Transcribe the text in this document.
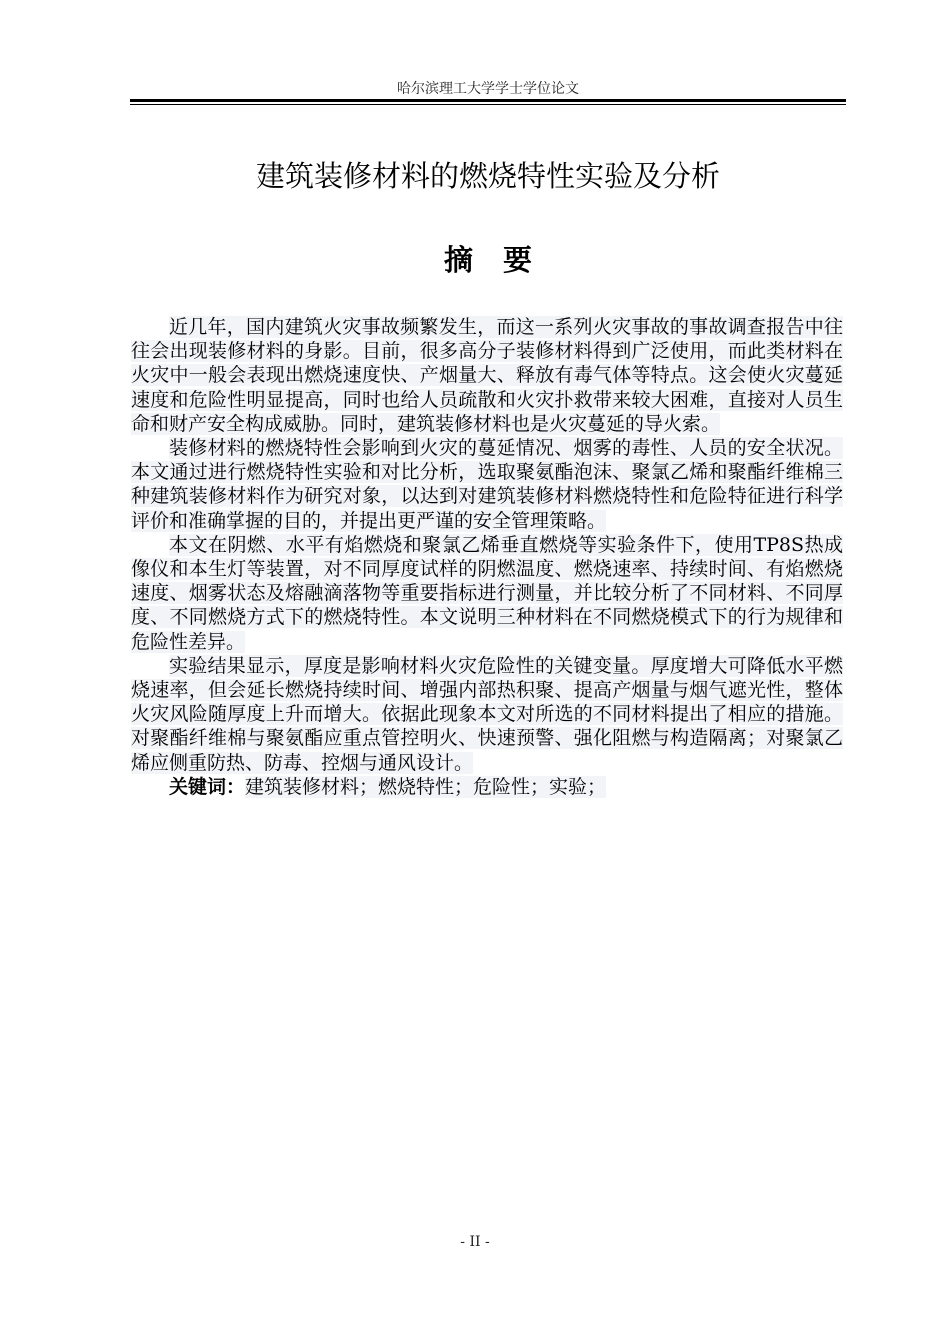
哈尔滨理工大学学士学位论文
建筑装修材料的燃烧特性实验及分析
摘要

近几年，国内建筑火灾事故频繁发生，而这一系列火灾事故的事故调查报告中往往会出现装修材料的身影。目前，很多高分子装修材料得到广泛使用，而此类材料在火灾中一般会表现出燃烧速度快、产烟量大、释放有毒气体等特点。这会使火灾蔓延速度和危险性明显提高，同时也给人员疏散和火灾扑救带来较大困难，直接对人员生命和财产安全构成威胁。同时，建筑装修材料也是火灾蔓延的导火索。

装修材料的燃烧特性会影响到火灾的蔓延情况、烟雾的毒性、人员的安全状况。本文通过进行燃烧特性实验和对比分析，选取聚氨酯泡沫、聚氯乙烯和聚酯纤维棉三种建筑装修材料作为研究对象，以达到对建筑装修材料燃烧特性和危险特征进行科学评价和准确掌握的目的，并提出更严谨的安全管理策略。

本文在阴燃、水平有焰燃烧和聚氯乙烯垂直燃烧等实验条件下，使用TP8S热成像仪和本生灯等装置，对不同厚度试样的阴燃温度、燃烧速率、持续时间、有焰燃烧速度、烟雾状态及熔融滴落物等重要指标进行测量，并比较分析了不同材料、不同厚度、不同燃烧方式下的燃烧特性。本文说明三种材料在不同燃烧模式下的行为规律和危险性差异。

实验结果显示，厚度是影响材料火灾危险性的关键变量。厚度增大可降低水平燃烧速率，但会延长燃烧持续时间、增强内部热积聚、提高产烟量与烟气遮光性，整体火灾风险随厚度上升而增大。依据此现象本文对所选的不同材料提出了相应的措施。对聚酯纤维棉与聚氨酯应重点管控明火、快速预警、强化阻燃与构造隔离；对聚氯乙烯应侧重防热、防毒、控烟与通风设计。

关键词：建筑装修材料；燃烧特性；危险性；实验；

- II -
